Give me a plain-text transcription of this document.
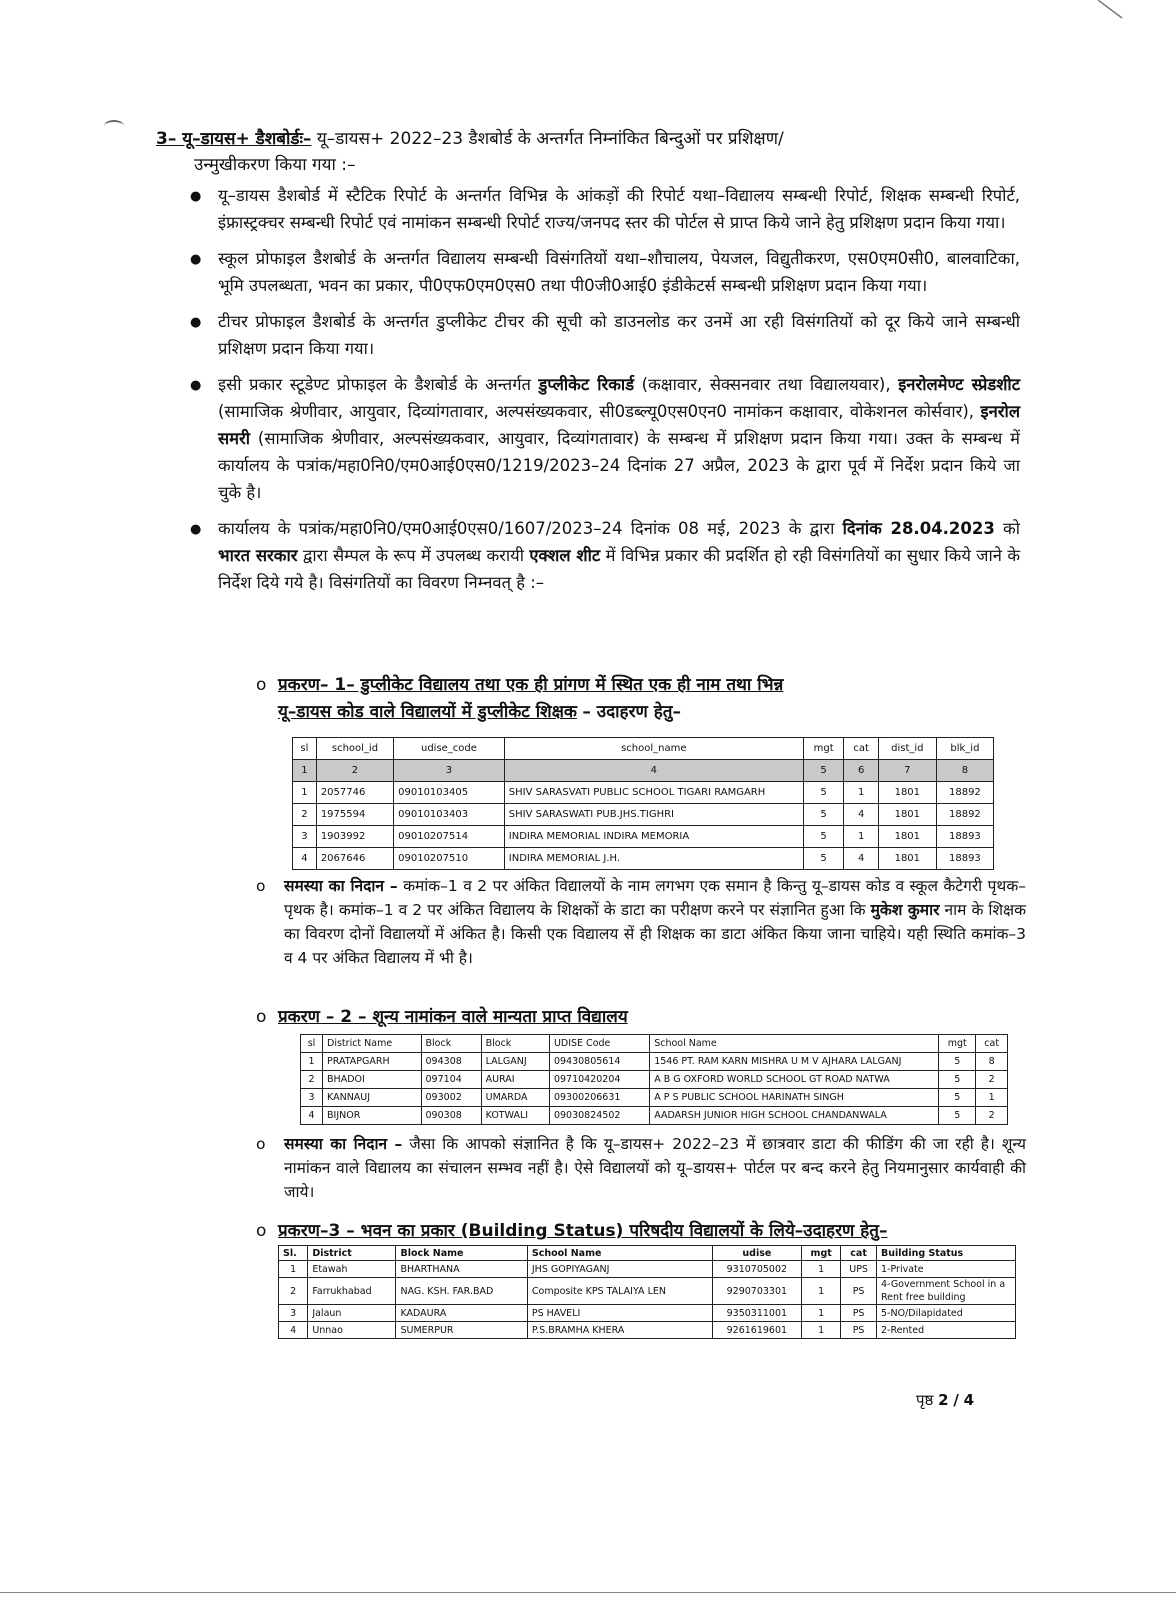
3– यू–डायस+ डैशबोर्डः– यू–डायस+ 2022–23 डैशबोर्ड के अन्तर्गत निम्नांकित बिन्दुओं पर प्रशिक्षण/
उन्मुखीकरण किया गया :–
● यू–डायस डैशबोर्ड में स्टैटिक रिपोर्ट के अन्तर्गत विभिन्न के आंकड़ों की रिपोर्ट यथा–विद्यालय सम्बन्धी रिपोर्ट, शिक्षक सम्बन्धी रिपोर्ट, इंफ्रास्ट्रक्चर सम्बन्धी रिपोर्ट एवं नामांकन सम्बन्धी रिपोर्ट राज्य/जनपद स्तर की पोर्टल से प्राप्त किये जाने हेतु प्रशिक्षण प्रदान किया गया।
● स्कूल प्रोफाइल डैशबोर्ड के अन्तर्गत विद्यालय सम्बन्धी विसंगतियों यथा–शौचालय, पेयजल, विद्युतीकरण, एस0एम0सी0, बालवाटिका, भूमि उपलब्धता, भवन का प्रकार, पी0एफ0एम0एस0 तथा पी0जी0आई0 इंडीकेटर्स सम्बन्धी प्रशिक्षण प्रदान किया गया।
● टीचर प्रोफाइल डैशबोर्ड के अन्तर्गत डुप्लीकेट टीचर की सूची को डाउनलोड कर उनमें आ रही विसंगतियों को दूर किये जाने सम्बन्धी प्रशिक्षण प्रदान किया गया।
● इसी प्रकार स्टूडेण्ट प्रोफाइल के डैशबोर्ड के अन्तर्गत डुप्लीकेट रिकार्ड (कक्षावार, सेक्सनवार तथा विद्यालयवार), इनरोलमेण्ट स्प्रेडशीट (सामाजिक श्रेणीवार, आयुवार, दिव्यांगतावार, अल्पसंख्यकवार, सी0डब्ल्यू0एस0एन0 नामांकन कक्षावार, वोकेशनल कोर्सवार), इनरोल समरी (सामाजिक श्रेणीवार, अल्पसंख्यकवार, आयुवार, दिव्यांगतावार) के सम्बन्ध में प्रशिक्षण प्रदान किया गया। उक्त के सम्बन्ध में कार्यालय के पत्रांक/महा0नि0/एम0आई0एस0/1219/2023–24 दिनांक 27 अप्रैल, 2023 के द्वारा पूर्व में निर्देश प्रदान किये जा चुके है।
● कार्यालय के पत्रांक/महा0नि0/एम0आई0एस0/1607/2023–24 दिनांक 08 मई, 2023 के द्वारा दिनांक 28.04.2023 को भारत सरकार द्वारा सैम्पल के रूप में उपलब्ध करायी एक्शल शीट में विभिन्न प्रकार की प्रदर्शित हो रही विसंगतियों का सुधार किये जाने के निर्देश दिये गये है। विसंगतियों का विवरण निम्नवत् है :–
o प्रकरण– 1– डुप्लीकेट विद्यालय तथा एक ही प्रांगण में स्थित एक ही नाम तथा भिन्न
यू–डायस कोड वाले विद्यालयों में डुप्लीकेट शिक्षक – उदाहरण हेतु–
sl	school_id	udise_code	school_name	mgt	cat	dist_id	blk_id
1	2	3	4	5	6	7	8
1	2057746	09010103405	SHIV SARASVATI PUBLIC SCHOOL TIGARI RAMGARH	5	1	1801	18892
2	1975594	09010103403	SHIV SARASWATI PUB.JHS.TIGHRI	5	4	1801	18892
3	1903992	09010207514	INDIRA MEMORIAL INDIRA MEMORIA	5	1	1801	18893
4	2067646	09010207510	INDIRA MEMORIAL J.H.	5	4	1801	18893
o	समस्या का निदान – कमांक–1 व 2 पर अंकित विद्यालयों के नाम लगभग एक समान है किन्तु यू–डायस कोड व स्कूल कैटेगरी पृथक–पृथक है। कमांक–1 व 2 पर अंकित विद्यालय के शिक्षकों के डाटा का परीक्षण करने पर संज्ञानित हुआ कि मुकेश कुमार नाम के शिक्षक का विवरण दोनों विद्यालयों में अंकित है। किसी एक विद्यालय सें ही शिक्षक का डाटा अंकित किया जाना चाहिये। यही स्थिति कमांक–3 व 4 पर अंकित विद्यालय में भी है।
o प्रकरण – 2 – शून्य नामांकन वाले मान्यता प्राप्त विद्यालय
sl	District Name	Block	Block	UDISE Code	School Name	mgt	cat
1	PRATAPGARH	094308	LALGANJ	09430805614	1546 PT. RAM KARN MISHRA U M V AJHARA LALGANJ	5	8
2	BHADOI	097104	AURAI	09710420204	A B G OXFORD WORLD SCHOOL GT ROAD NATWA	5	2
3	KANNAUJ	093002	UMARDA	09300206631	A P S PUBLIC SCHOOL HARINATH SINGH	5	1
4	BIJNOR	090308	KOTWALI	09030824502	AADARSH JUNIOR HIGH SCHOOL CHANDANWALA	5	2
o	समस्या का निदान – जैसा कि आपको संज्ञानित है कि यू–डायस+ 2022–23 में छात्रवार डाटा की फीडिंग की जा रही है। शून्य नामांकन वाले विद्यालय का संचालन सम्भव नहीं है। ऐसे विद्यालयों को यू–डायस+ पोर्टल पर बन्द करने हेतु नियमानुसार कार्यवाही की जाये।
o प्रकरण–3 – भवन का प्रकार (Building Status) परिषदीय विद्यालयों के लिये–उदाहरण हेतु–
Sl.	District	Block Name	School Name	udise	mgt	cat	Building Status
1	Etawah	BHARTHANA	JHS GOPIYAGANJ	9310705002	1	UPS	1-Private
2	Farrukhabad	NAG. KSH. FAR.BAD	Composite KPS TALAIYA LEN	9290703301	1	PS	4-Government School in a Rent free building
3	Jalaun	KADAURA	PS HAVELI	9350311001	1	PS	5-NO/Dilapidated
4	Unnao	SUMERPUR	P.S.BRAMHA KHERA	9261619601	1	PS	2-Rented
पृष्ठ 2 / 4
